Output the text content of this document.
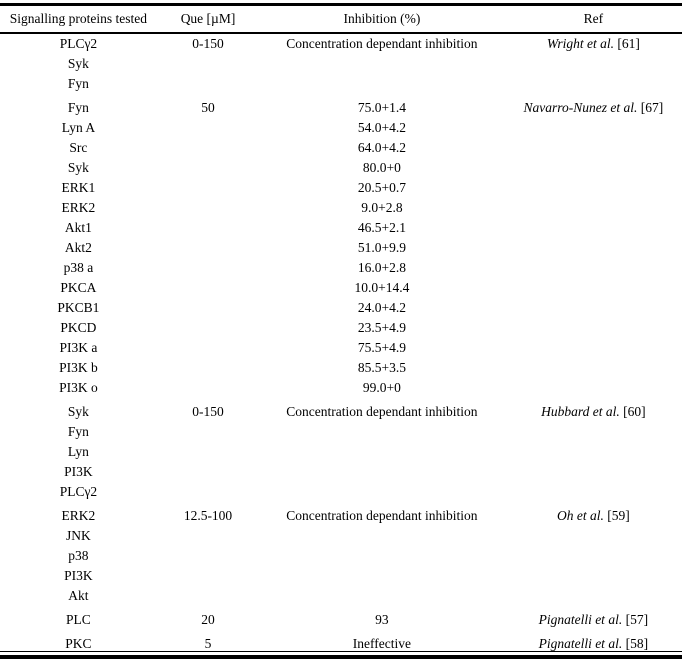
Signalling proteins tested	Que [µM]	Inhibition (%)	Ref
PLCγ2	0-150	Concentration dependant inhibition	Wright et al. [61]
Syk			
Fyn			
Fyn	50	75.0+1.4	Navarro-Nunez et al. [67]
Lyn A		54.0+4.2	
Src		64.0+4.2	
Syk		80.0+0	
ERK1		20.5+0.7	
ERK2		9.0+2.8	
Akt1		46.5+2.1	
Akt2		51.0+9.9	
p38 a		16.0+2.8	
PKCA		10.0+14.4	
PKCB1		24.0+4.2	
PKCD		23.5+4.9	
PI3K a		75.5+4.9	
PI3K b		85.5+3.5	
PI3K o		99.0+0	
Syk	0-150	Concentration dependant inhibition	Hubbard et al. [60]
Fyn			
Lyn			
PI3K			
PLCγ2			
ERK2	12.5-100	Concentration dependant inhibition	Oh et al. [59]
JNK			
p38			
PI3K			
Akt			
PLC	20	93	Pignatelli et al. [57]
PKC	5	Ineffective	Pignatelli et al. [58]
